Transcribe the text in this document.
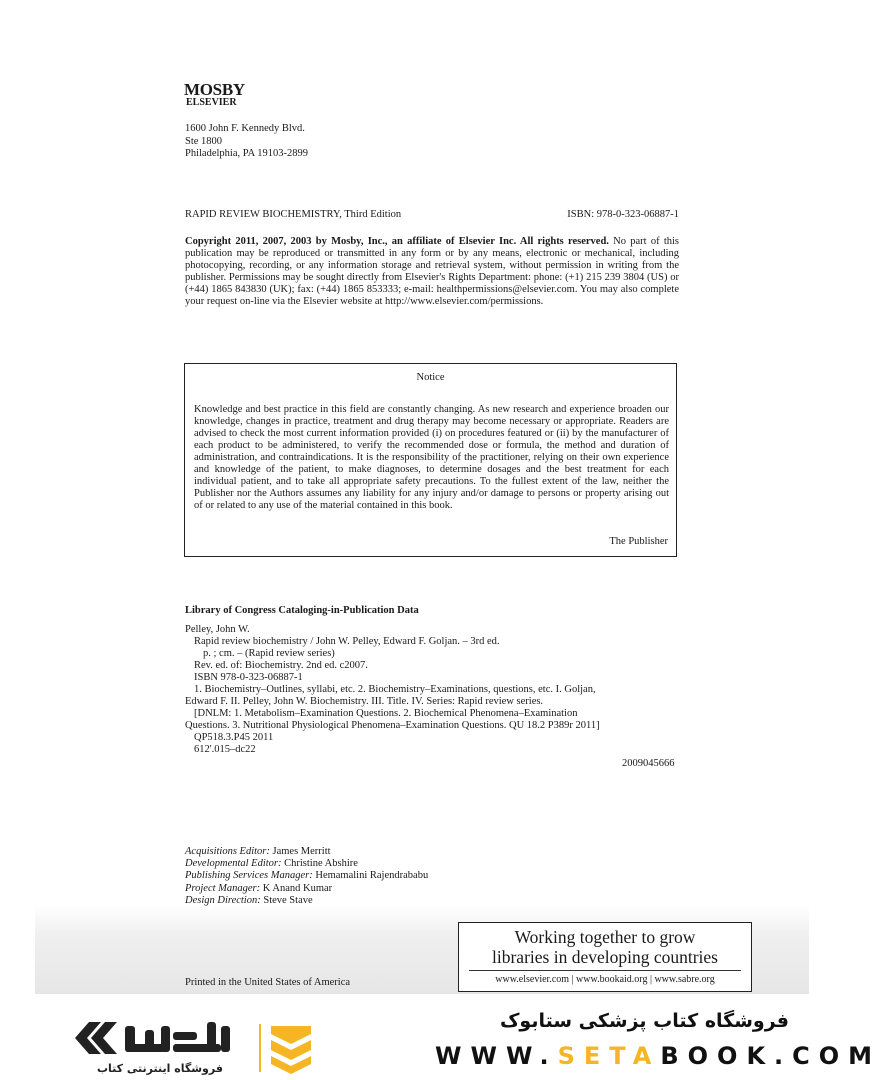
MOSBY
ELSEVIER
1600 John F. Kennedy Blvd.
Ste 1800
Philadelphia, PA 19103-2899
RAPID REVIEW BIOCHEMISTRY, Third Edition	ISBN: 978-0-323-06887-1
Copyright 2011, 2007, 2003 by Mosby, Inc., an affiliate of Elsevier Inc. All rights reserved. No part of this publication may be reproduced or transmitted in any form or by any means, electronic or mechanical, including photocopying, recording, or any information storage and retrieval system, without permission in writing from the publisher. Permissions may be sought directly from Elsevier's Rights Department: phone: (+1) 215 239 3804 (US) or (+44) 1865 843830 (UK); fax: (+44) 1865 853333; e-mail: healthpermissions@elsevier.com. You may also complete your request on-line via the Elsevier website at http://www.elsevier.com/permissions.
Notice
Knowledge and best practice in this field are constantly changing. As new research and experience broaden our knowledge, changes in practice, treatment and drug therapy may become necessary or appropriate. Readers are advised to check the most current information provided (i) on procedures featured or (ii) by the manufacturer of each product to be administered, to verify the recommended dose or formula, the method and duration of administration, and contraindications. It is the responsibility of the practitioner, relying on their own experience and knowledge of the patient, to make diagnoses, to determine dosages and the best treatment for each individual patient, and to take all appropriate safety precautions. To the fullest extent of the law, neither the Publisher nor the Authors assumes any liability for any injury and/or damage to persons or property arising out of or related to any use of the material contained in this book.
The Publisher
Library of Congress Cataloging-in-Publication Data
Pelley, John W.
Rapid review biochemistry / John W. Pelley, Edward F. Goljan. – 3rd ed.
p. ; cm. – (Rapid review series)
Rev. ed. of: Biochemistry. 2nd ed. c2007.
ISBN 978-0-323-06887-1
1. Biochemistry–Outlines, syllabi, etc. 2. Biochemistry–Examinations, questions, etc. I. Goljan,
Edward F. II. Pelley, John W. Biochemistry. III. Title. IV. Series: Rapid review series.
[DNLM: 1. Metabolism–Examination Questions. 2. Biochemical Phenomena–Examination
Questions. 3. Nutritional Physiological Phenomena–Examination Questions. QU 18.2 P389r 2011]
QP518.3.P45 2011
612'.015–dc22
2009045666
Acquisitions Editor: James Merritt
Developmental Editor: Christine Abshire
Publishing Services Manager: Hemamalini Rajendrababu
Project Manager: K Anand Kumar
Design Direction: Steve Stave
Printed in the United States of America
Working together to grow
libraries in developing countries
www.elsevier.com | www.bookaid.org | www.sabre.org
فروشگاه اینترنتی کتاب
فروشگاه کتاب پزشکی ستابوک
WWW.SETABOOK.COM
